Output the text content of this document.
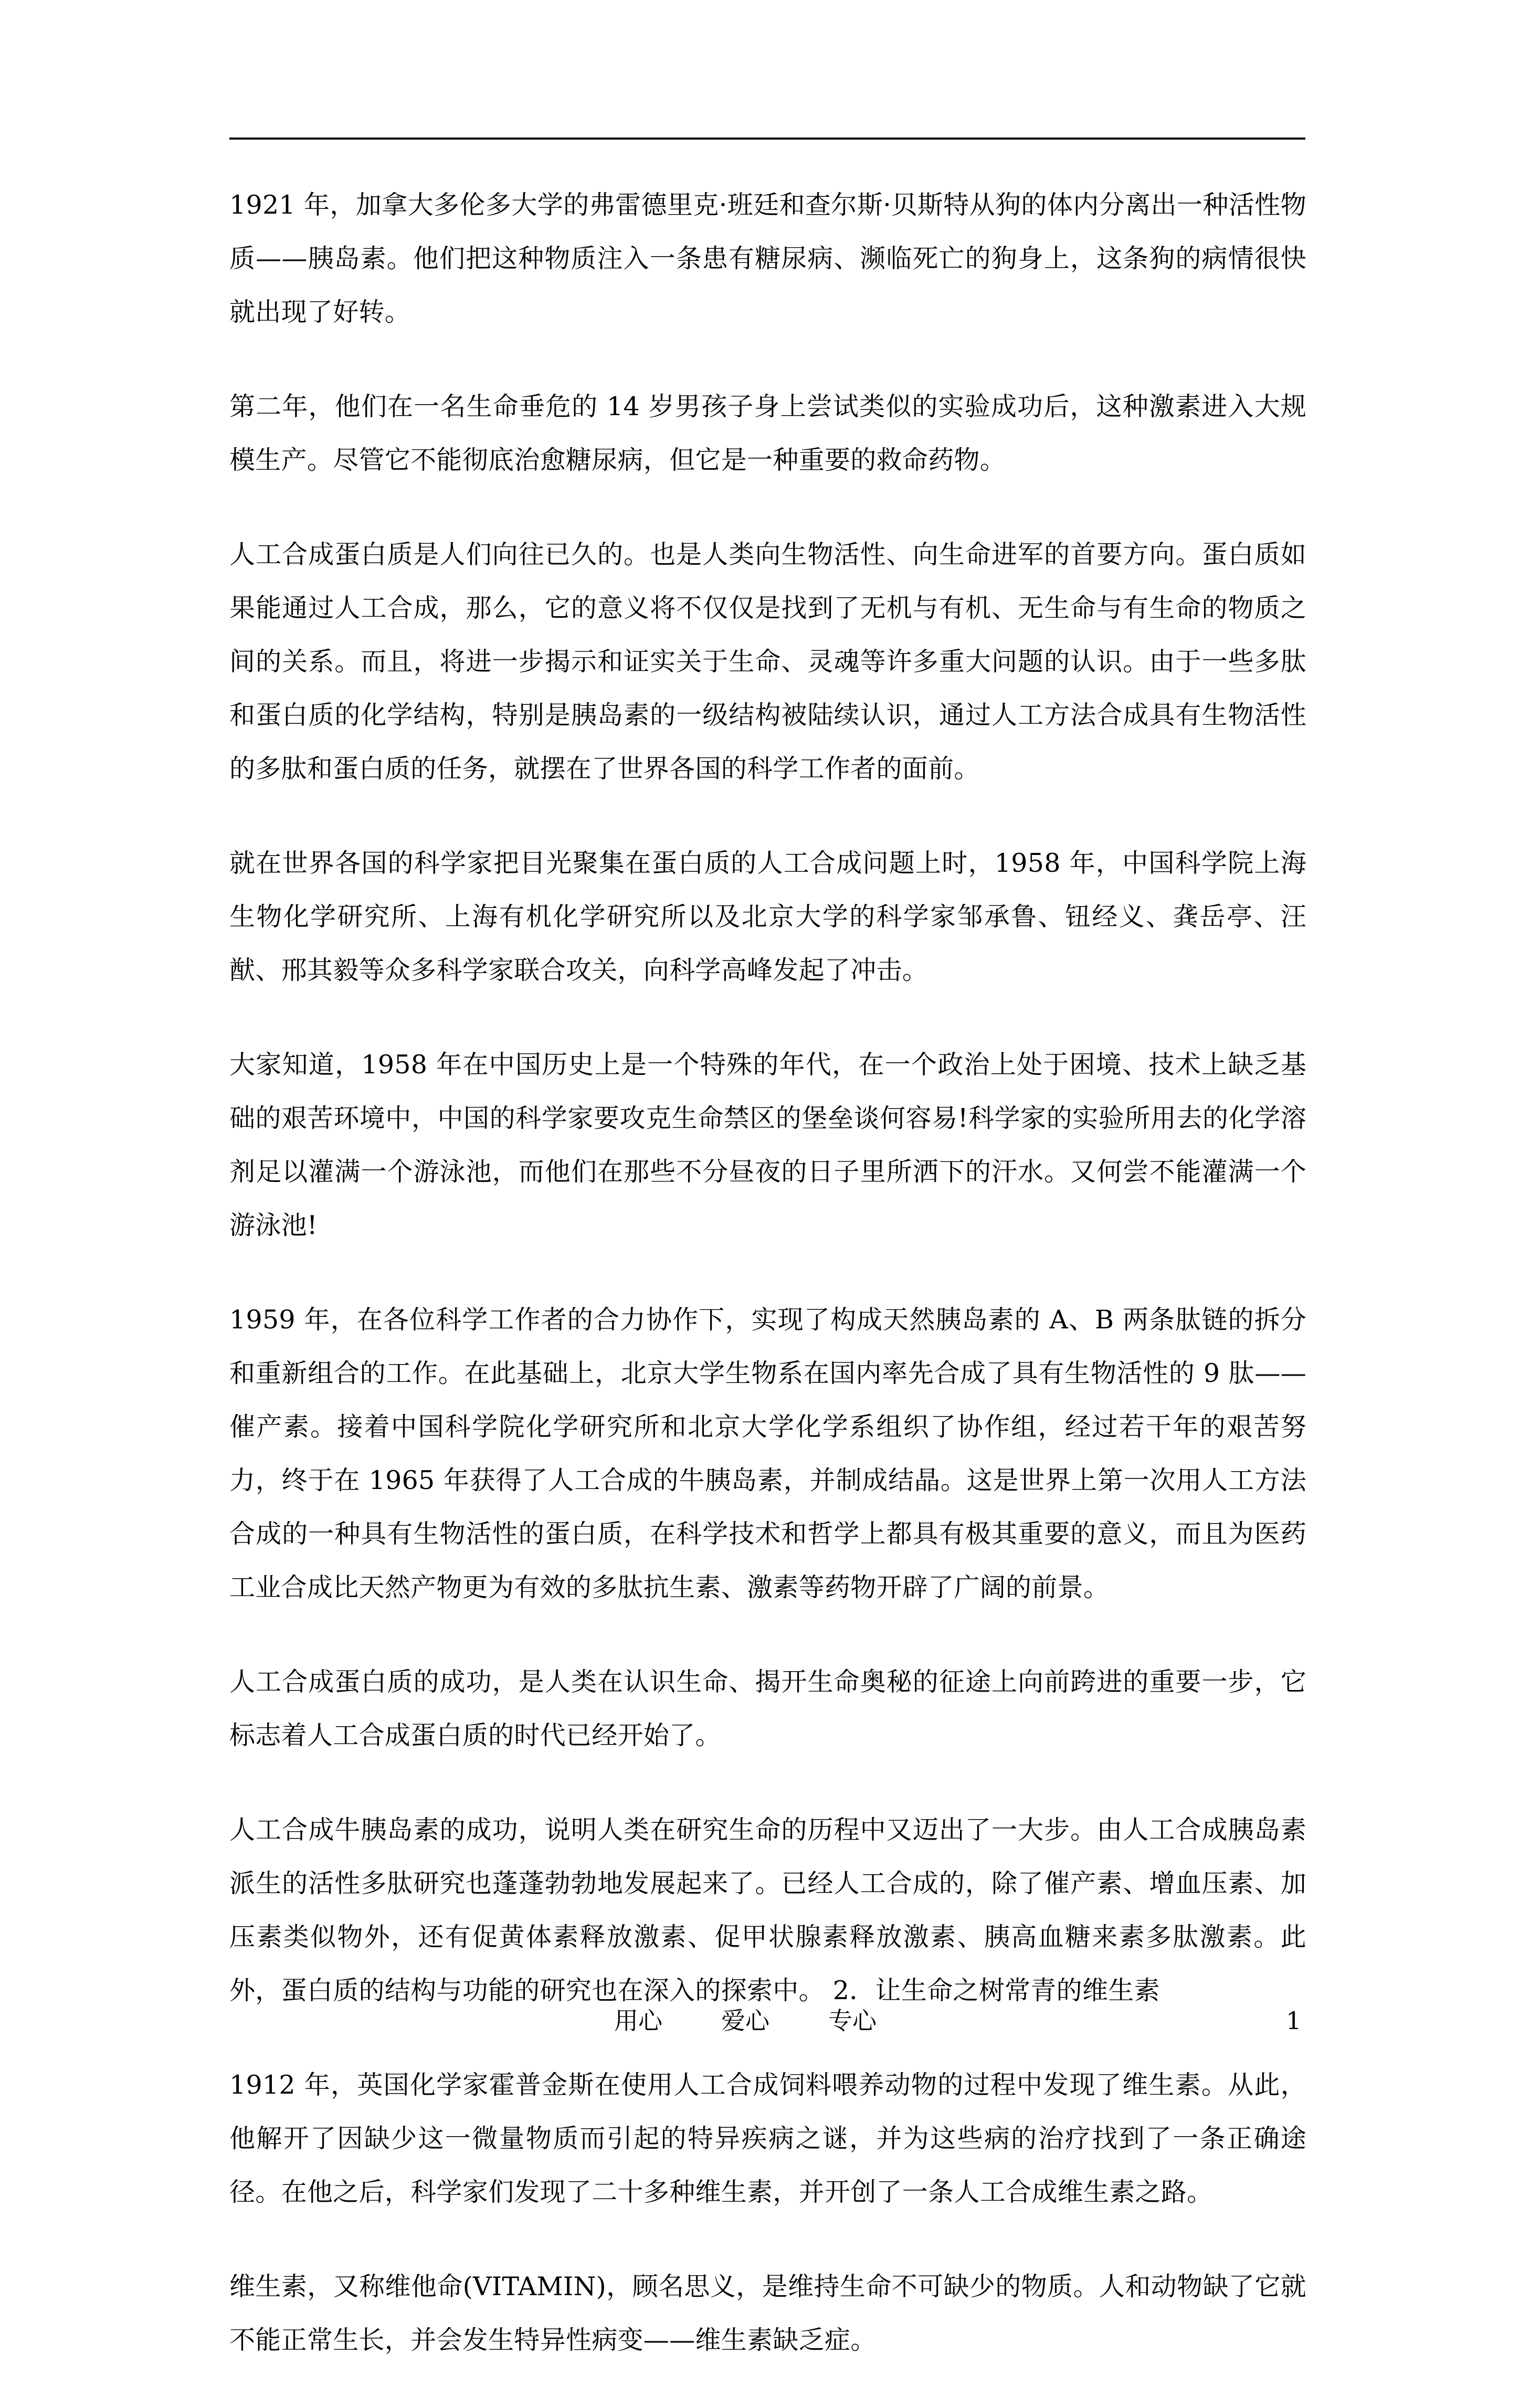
1921 年，加拿大多伦多大学的弗雷德里克·班廷和查尔斯·贝斯特从狗的体内分离出一种活性物质——胰岛素。他们把这种物质注入一条患有糖尿病、濒临死亡的狗身上，这条狗的病情很快就出现了好转。

第二年，他们在一名生命垂危的 14 岁男孩子身上尝试类似的实验成功后，这种激素进入大规模生产。尽管它不能彻底治愈糖尿病，但它是一种重要的救命药物。

人工合成蛋白质是人们向往已久的。也是人类向生物活性、向生命进军的首要方向。蛋白质如果能通过人工合成，那么，它的意义将不仅仅是找到了无机与有机、无生命与有生命的物质之间的关系。而且，将进一步揭示和证实关于生命、灵魂等许多重大问题的认识。由于一些多肽和蛋白质的化学结构，特别是胰岛素的一级结构被陆续认识，通过人工方法合成具有生物活性的多肽和蛋白质的任务，就摆在了世界各国的科学工作者的面前。

就在世界各国的科学家把目光聚集在蛋白质的人工合成问题上时，1958 年，中国科学院上海生物化学研究所、上海有机化学研究所以及北京大学的科学家邹承鲁、钮经义、龚岳亭、汪猷、邢其毅等众多科学家联合攻关，向科学高峰发起了冲击。

大家知道，1958 年在中国历史上是一个特殊的年代，在一个政治上处于困境、技术上缺乏基础的艰苦环境中，中国的科学家要攻克生命禁区的堡垒谈何容易!科学家的实验所用去的化学溶剂足以灌满一个游泳池，而他们在那些不分昼夜的日子里所洒下的汗水。又何尝不能灌满一个游泳池!

1959 年，在各位科学工作者的合力协作下，实现了构成天然胰岛素的 A、B 两条肽链的拆分和重新组合的工作。在此基础上，北京大学生物系在国内率先合成了具有生物活性的 9 肽——催产素。接着中国科学院化学研究所和北京大学化学系组织了协作组，经过若干年的艰苦努力，终于在 1965 年获得了人工合成的牛胰岛素，并制成结晶。这是世界上第一次用人工方法合成的一种具有生物活性的蛋白质，在科学技术和哲学上都具有极其重要的意义，而且为医药工业合成比天然产物更为有效的多肽抗生素、激素等药物开辟了广阔的前景。

人工合成蛋白质的成功，是人类在认识生命、揭开生命奥秘的征途上向前跨进的重要一步，它标志着人工合成蛋白质的时代已经开始了。

人工合成牛胰岛素的成功，说明人类在研究生命的历程中又迈出了一大步。由人工合成胰岛素派生的活性多肽研究也蓬蓬勃勃地发展起来了。已经人工合成的，除了催产素、增血压素、加压素类似物外，还有促黄体素释放激素、促甲状腺素释放激素、胰高血糖来素多肽激素。此外，蛋白质的结构与功能的研究也在深入的探索中。 2．让生命之树常青的维生素

1912 年，英国化学家霍普金斯在使用人工合成饲料喂养动物的过程中发现了维生素。从此，他解开了因缺少这一微量物质而引起的特异疾病之谜，并为这些病的治疗找到了一条正确途径。在他之后，科学家们发现了二十多种维生素，并开创了一条人工合成维生素之路。

维生素，又称维他命(VITAMIN)，顾名思义，是维持生命不可缺少的物质。人和动物缺了它就不能正常生长，并会发生特异性病变——维生素缺乏症。

用心 爱心 专心	1
